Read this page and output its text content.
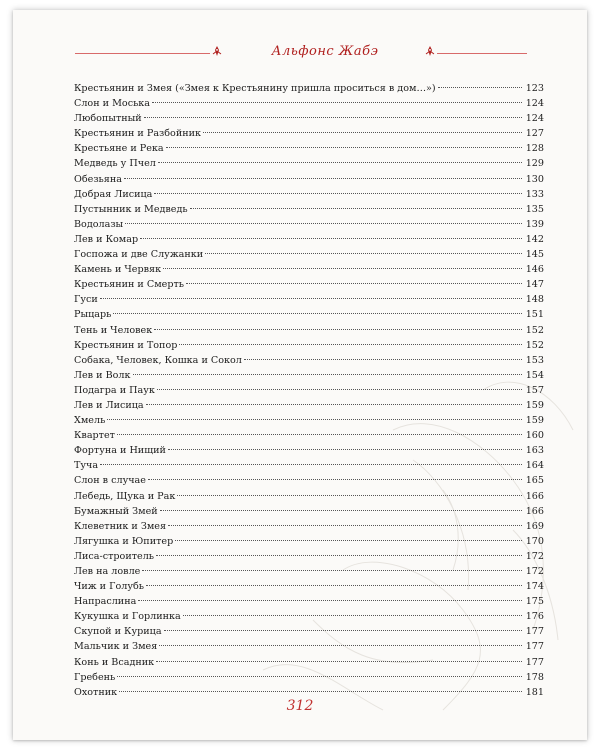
Альфонс Жабэ
Крестьянин и Змея («Змея к Крестьянину пришла проситься в дом…»)	123
Слон и Моська	124
Любопытный	124
Крестьянин и Разбойник	127
Крестьяне и Река	128
Медведь у Пчел	129
Обезьяна	130
Добрая Лисица	133
Пустынник и Медведь	135
Водолазы	139
Лев и Комар	142
Госпожа и две Служанки	145
Камень и Червяк	146
Крестьянин и Смерть	147
Гуси	148
Рыцарь	151
Тень и Человек	152
Крестьянин и Топор	152
Собака, Человек, Кошка и Сокол	153
Лев и Волк	154
Подагра и Паук	157
Лев и Лисица	159
Хмель	159
Квартет	160
Фортуна и Нищий	163
Туча	164
Слон в случае	165
Лебедь, Щука и Рак	166
Бумажный Змей	166
Клеветник и Змея	169
Лягушка и Юпитер	170
Лиса-строитель	172
Лев на ловле	172
Чиж и Голубь	174
Напраслина	175
Кукушка и Горлинка	176
Скупой и Курица	177
Мальчик и Змея	177
Конь и Всадник	177
Гребень	178
Охотник	181
312
